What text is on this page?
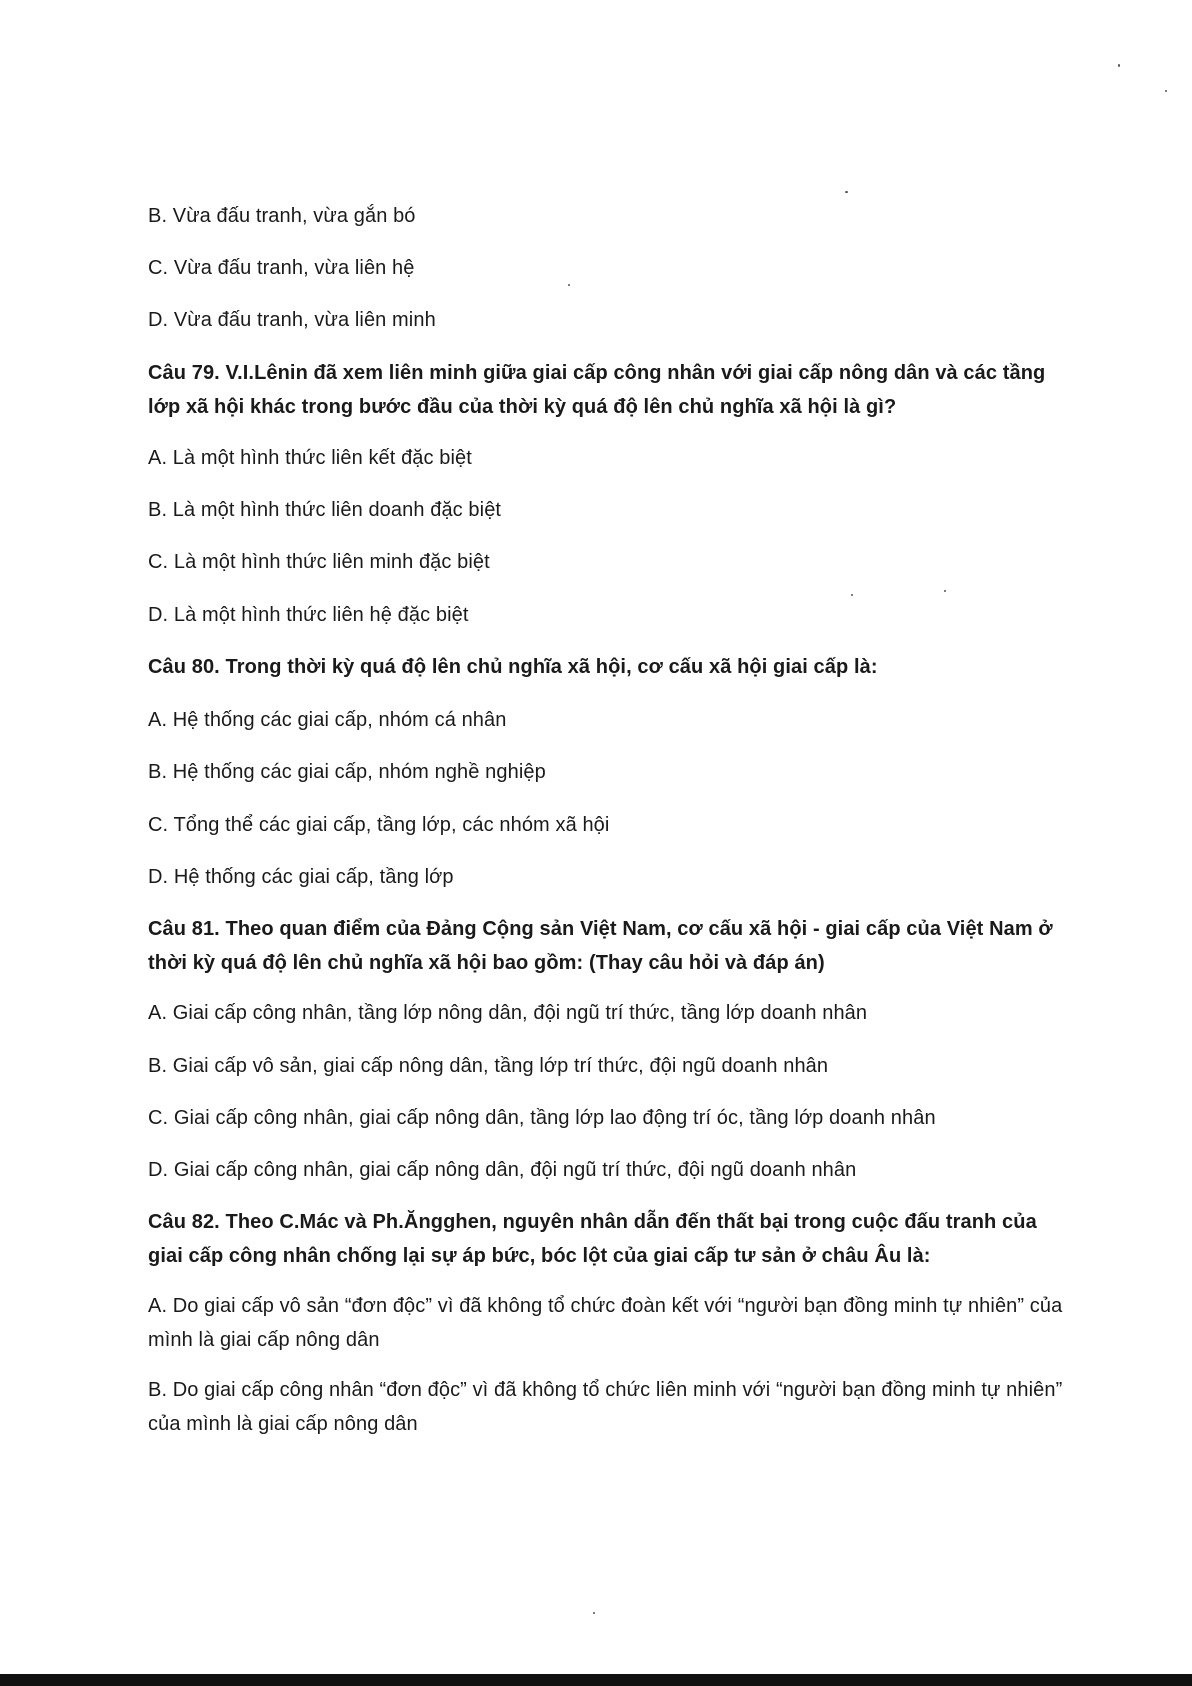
B. Vừa đấu tranh, vừa gắn bó
C. Vừa đấu tranh, vừa liên hệ
D. Vừa đấu tranh, vừa liên minh
Câu 79. V.I.Lênin đã xem liên minh giữa giai cấp công nhân với giai cấp nông dân và các tầng lớp xã hội khác trong bước đầu của thời kỳ quá độ lên chủ nghĩa xã hội là gì?
A. Là một hình thức liên kết đặc biệt
B. Là một hình thức liên doanh đặc biệt
C. Là một hình thức liên minh đặc biệt
D. Là một hình thức liên hệ đặc biệt
Câu 80. Trong thời kỳ quá độ lên chủ nghĩa xã hội, cơ cấu xã hội giai cấp là:
A. Hệ thống các giai cấp, nhóm cá nhân
B. Hệ thống các giai cấp, nhóm nghề nghiệp
C. Tổng thể các giai cấp, tầng lớp, các nhóm xã hội
D. Hệ thống các giai cấp, tầng lớp
Câu 81. Theo quan điểm của Đảng Cộng sản Việt Nam, cơ cấu xã hội - giai cấp của Việt Nam ở thời kỳ quá độ lên chủ nghĩa xã hội bao gồm: (Thay câu hỏi và đáp án)
A. Giai cấp công nhân, tầng lớp nông dân, đội ngũ trí thức, tầng lớp doanh nhân
B. Giai cấp vô sản, giai cấp nông dân, tầng lớp trí thức, đội ngũ doanh nhân
C. Giai cấp công nhân, giai cấp nông dân, tầng lớp lao động trí óc, tầng lớp doanh nhân
D. Giai cấp công nhân, giai cấp nông dân, đội ngũ trí thức, đội ngũ doanh nhân
Câu 82. Theo C.Mác và Ph.Ăngghen, nguyên nhân dẫn đến thất bại trong cuộc đấu tranh của giai cấp công nhân chống lại sự áp bức, bóc lột của giai cấp tư sản ở châu Âu là:
A. Do giai cấp vô sản “đơn độc” vì đã không tổ chức đoàn kết với “người bạn đồng minh tự nhiên” của mình là giai cấp nông dân
B. Do giai cấp công nhân “đơn độc” vì đã không tổ chức liên minh với “người bạn đồng minh tự nhiên” của mình là giai cấp nông dân
